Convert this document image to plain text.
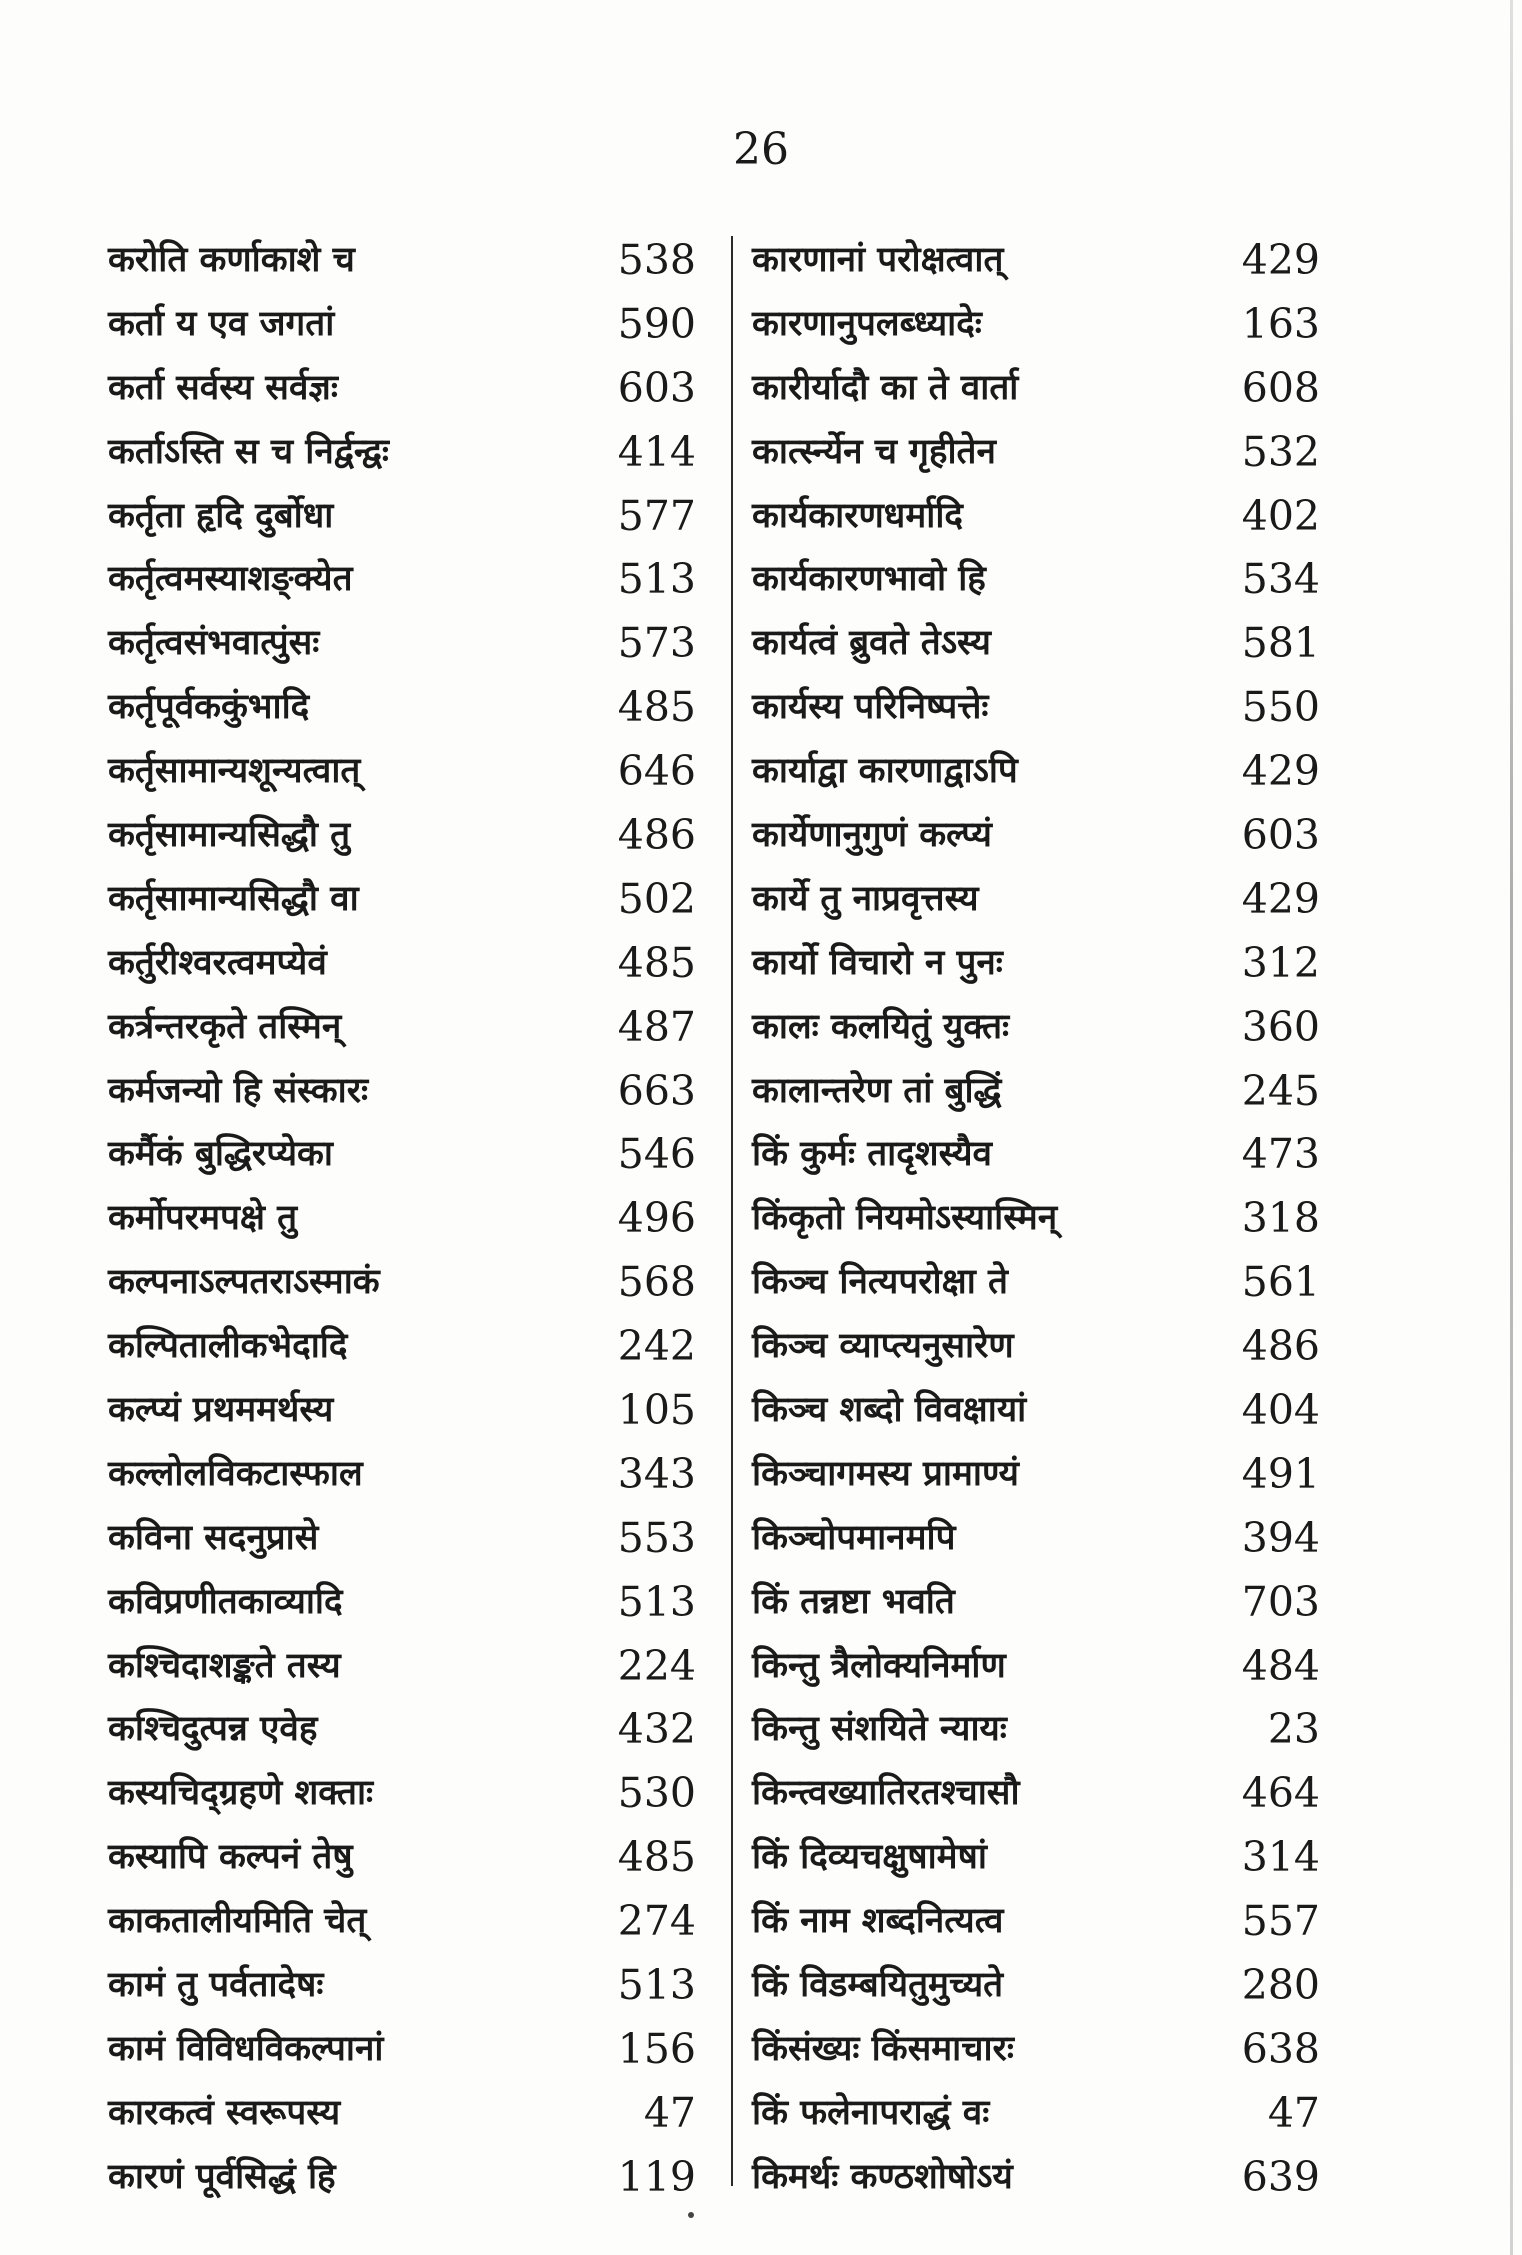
26
करोति कर्णाकाशे च	538
कर्ता य एव जगतां	590
कर्ता सर्वस्य सर्वज्ञः	603
कर्ताऽस्ति स च निर्द्वन्द्वः	414
कर्तृता हृदि दुर्बोधा	577
कर्तृत्वमस्याशङ्क्येत	513
कर्तृत्वसंभवात्पुंसः	573
कर्तृपूर्वककुंभादि	485
कर्तृसामान्यशून्यत्वात्	646
कर्तृसामान्यसिद्धौ तु	486
कर्तृसामान्यसिद्धौ वा	502
कर्तुरीश्वरत्वमप्येवं	485
कर्त्रन्तरकृते तस्मिन्	487
कर्मजन्यो हि संस्कारः	663
कर्मैकं बुद्धिरप्येका	546
कर्मोपरमपक्षे तु	496
कल्पनाऽल्पतराऽस्माकं	568
कल्पितालीकभेदादि	242
कल्प्यं प्रथममर्थस्य	105
कल्लोलविकटास्फाल	343
कविना सदनुप्रासे	553
कविप्रणीतकाव्यादि	513
कश्चिदाशङ्कते तस्य	224
कश्चिदुत्पन्न एवेह	432
कस्यचिद्ग्रहणे शक्ताः	530
कस्यापि कल्पनं तेषु	485
काकतालीयमिति चेत्	274
कामं तु पर्वतादेषः	513
कामं विविधविकल्पानां	156
कारकत्वं स्वरूपस्य	47
कारणं पूर्वसिद्धं हि	119
कारणानां परोक्षत्वात्	429
कारणानुपलब्ध्यादेः	163
कारीर्यादौ का ते वार्ता	608
कार्त्स्न्येन च गृहीतेन	532
कार्यकारणधर्मादि	402
कार्यकारणभावो हि	534
कार्यत्वं ब्रुवते तेऽस्य	581
कार्यस्य परिनिष्पत्तेः	550
कार्याद्वा कारणाद्वाऽपि	429
कार्येणानुगुणं कल्प्यं	603
कार्ये तु नाप्रवृत्तस्य	429
कार्यो विचारो न पुनः	312
कालः कलयितुं युक्तः	360
कालान्तरेण तां बुद्धिं	245
किं कुर्मः तादृशस्यैव	473
किंकृतो नियमोऽस्यास्मिन्	318
किञ्च नित्यपरोक्षा ते	561
किञ्च व्याप्त्यनुसारेण	486
किञ्च शब्दो विवक्षायां	404
किञ्चागमस्य प्रामाण्यं	491
किञ्चोपमानमपि	394
किं तन्नष्टा भवति	703
किन्तु त्रैलोक्यनिर्माण	484
किन्तु संशयिते न्यायः	23
किन्त्वख्यातिरतश्चासौ	464
किं दिव्यचक्षुषामेषां	314
किं नाम शब्दनित्यत्व	557
किं विडम्बयितुमुच्यते	280
किंसंख्यः किंसमाचारः	638
किं फलेनापराद्धं वः	47
किमर्थः कण्ठशोषोऽयं	639
